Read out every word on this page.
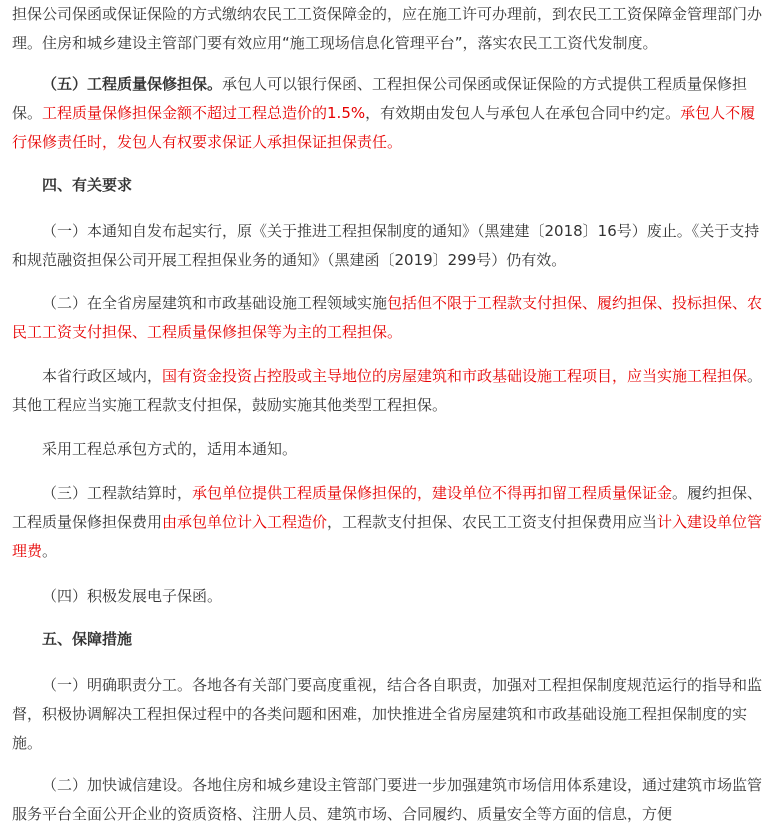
担保公司保函或保证保险的方式缴纳农民工工资保障金的，应在施工许可办理前，到农民工工资保障金管理部门办理。住房和城乡建设主管部门要有效应用“施工现场信息化管理平台”，落实农民工工资代发制度。

（五）工程质量保修担保。承包人可以银行保函、工程担保公司保函或保证保险的方式提供工程质量保修担保。工程质量保修担保金额不超过工程总造价的1.5%，有效期由发包人与承包人在承包合同中约定。承包人不履行保修责任时，发包人有权要求保证人承担保证担保责任。

四、有关要求

（一）本通知自发布起实行，原《关于推进工程担保制度的通知》（黑建建〔2018〕16号）废止。《关于支持和规范融资担保公司开展工程担保业务的通知》（黑建函〔2019〕299号）仍有效。

（二）在全省房屋建筑和市政基础设施工程领域实施包括但不限于工程款支付担保、履约担保、投标担保、农民工工资支付担保、工程质量保修担保等为主的工程担保。

本省行政区域内，国有资金投资占控股或主导地位的房屋建筑和市政基础设施工程项目，应当实施工程担保。其他工程应当实施工程款支付担保，鼓励实施其他类型工程担保。

采用工程总承包方式的，适用本通知。

（三）工程款结算时，承包单位提供工程质量保修担保的，建设单位不得再扣留工程质量保证金。履约担保、工程质量保修担保费用由承包单位计入工程造价，工程款支付担保、农民工工资支付担保费用应当计入建设单位管理费。

（四）积极发展电子保函。

五、保障措施

（一）明确职责分工。各地各有关部门要高度重视，结合各自职责，加强对工程担保制度规范运行的指导和监督，积极协调解决工程担保过程中的各类问题和困难，加快推进全省房屋建筑和市政基础设施工程担保制度的实施。

（二）加快诚信建设。各地住房和城乡建设主管部门要进一步加强建筑市场信用体系建设，通过建筑市场监管服务平台全面公开企业的资质资格、注册人员、建筑市场、合同履约、质量安全等方面的信息，方便
